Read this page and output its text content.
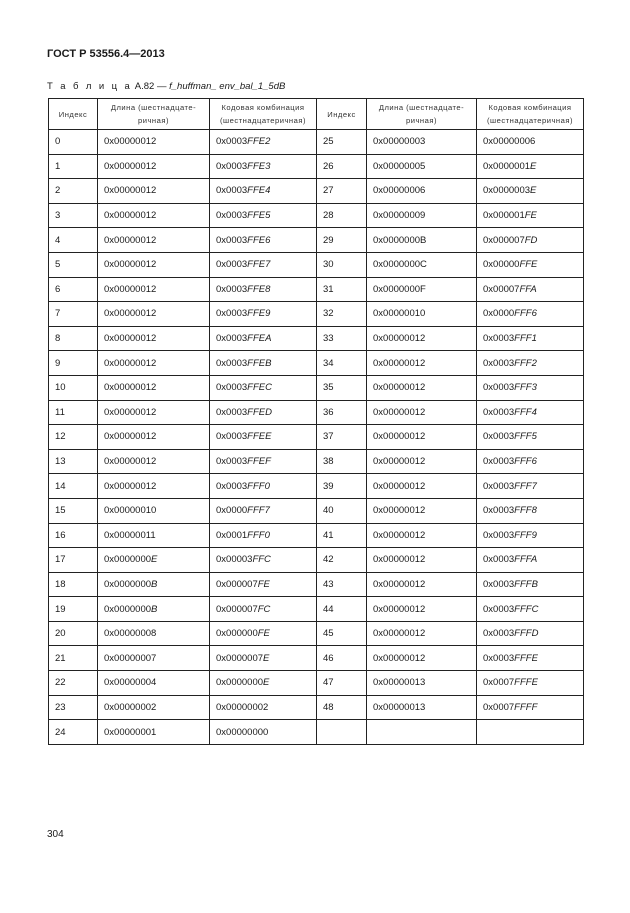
ГОСТ Р 53556.4—2013
Т а б л и ц а A.82 — f_huffman_ env_bal_1_5dB
Индекс	Длина (шестнадцате-ричная)	Кодовая комбинация (шестнадцатеричная)	Индекс	Длина (шестнадцате-ричная)	Кодовая комбинация (шестнадцатеричная)
0	0x00000012	0x0003FFE2	25	0x00000003	0x00000006
1	0x00000012	0x0003FFE3	26	0x00000005	0x0000001E
2	0x00000012	0x0003FFE4	27	0x00000006	0x0000003E
3	0x00000012	0x0003FFE5	28	0x00000009	0x000001FE
4	0x00000012	0x0003FFE6	29	0x0000000B	0x000007FD
5	0x00000012	0x0003FFE7	30	0x0000000C	0x00000FFE
6	0x00000012	0x0003FFE8	31	0x0000000F	0x00007FFA
7	0x00000012	0x0003FFE9	32	0x00000010	0x0000FFF6
8	0x00000012	0x0003FFEA	33	0x00000012	0x0003FFF1
9	0x00000012	0x0003FFEB	34	0x00000012	0x0003FFF2
10	0x00000012	0x0003FFEC	35	0x00000012	0x0003FFF3
11	0x00000012	0x0003FFED	36	0x00000012	0x0003FFF4
12	0x00000012	0x0003FFEE	37	0x00000012	0x0003FFF5
13	0x00000012	0x0003FFEF	38	0x00000012	0x0003FFF6
14	0x00000012	0x0003FFF0	39	0x00000012	0x0003FFF7
15	0x00000010	0x0000FFF7	40	0x00000012	0x0003FFF8
16	0x00000011	0x0001FFF0	41	0x00000012	0x0003FFF9
17	0x0000000E	0x00003FFC	42	0x00000012	0x0003FFFA
18	0x0000000B	0x000007FE	43	0x00000012	0x0003FFFB
19	0x0000000B	0x000007FC	44	0x00000012	0x0003FFFC
20	0x00000008	0x000000FE	45	0x00000012	0x0003FFFD
21	0x00000007	0x0000007E	46	0x00000012	0x0003FFFE
22	0x00000004	0x0000000E	47	0x00000013	0x0007FFFE
23	0x00000002	0x00000002	48	0x00000013	0x0007FFFF
24	0x00000001	0x00000000			
304
